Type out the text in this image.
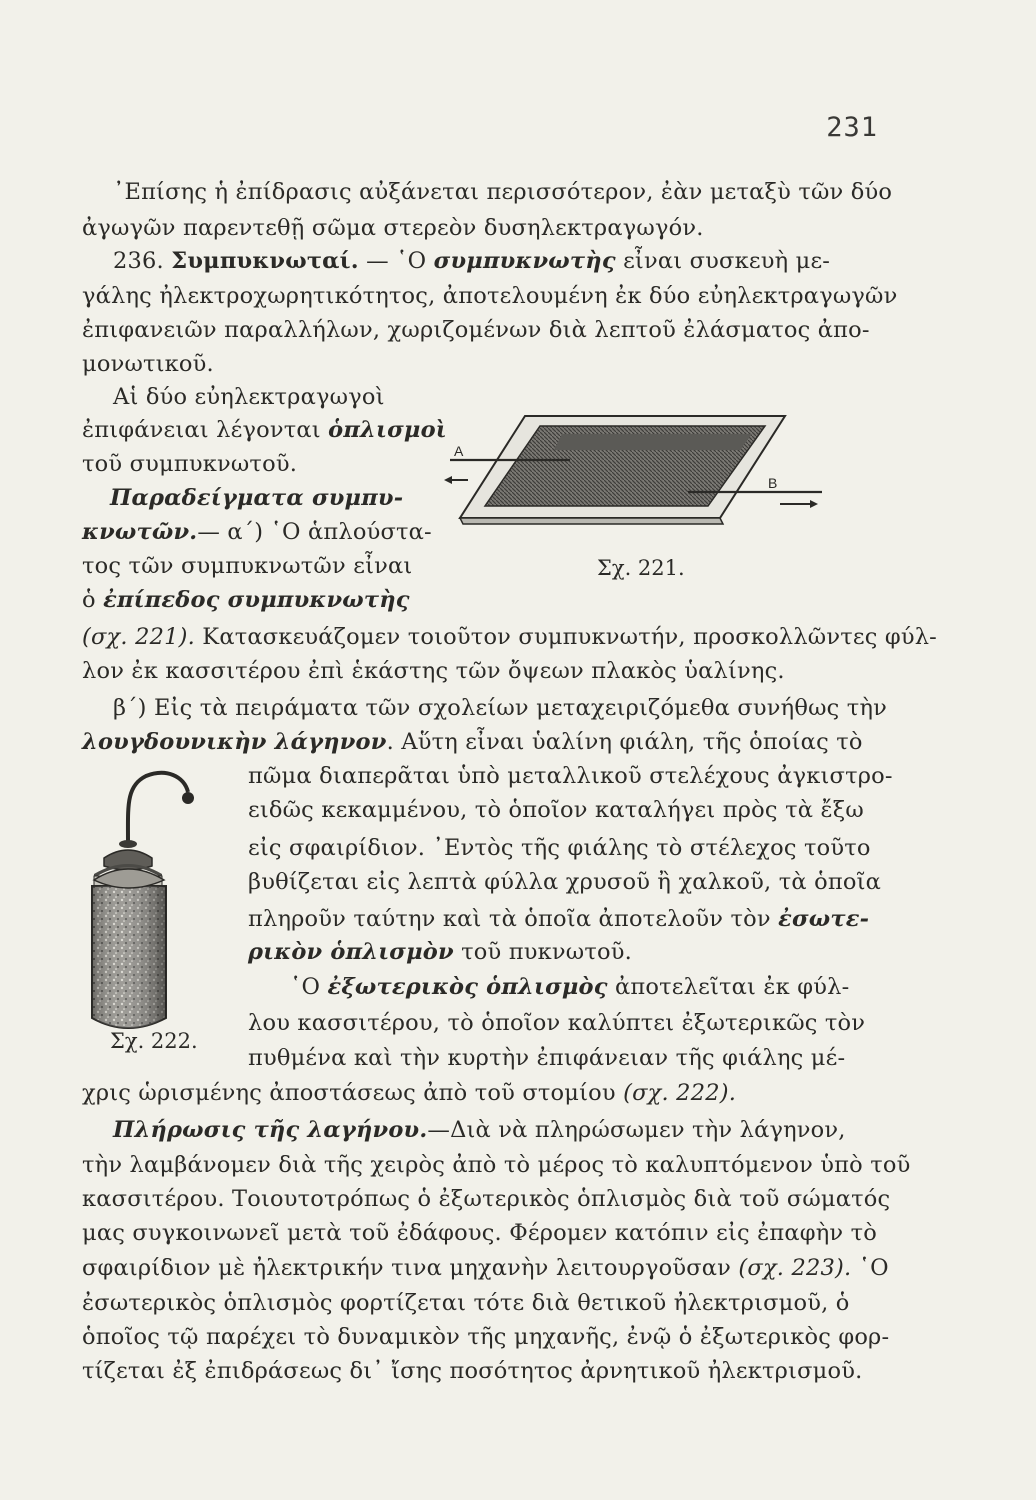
231
᾿Επίσης ἡ ἐπίδρασις αὐξάνεται περισσότερον, ἐὰν μεταξὺ τῶν δύο
ἀγωγῶν παρεντεθῇ σῶμα στερεὸν δυσηλεκτραγωγόν.
236. Συμπυκνωταί. — ῾Ο συμπυκνωτὴς εἶναι συσκευὴ με-
γάλης ἠλεκτροχωρητικότητος, ἀποτελουμένη ἐκ δύο εὐηλεκτραγωγῶν
ἐπιφανειῶν παραλλήλων, χωριζομένων διὰ λεπτοῦ ἐλάσματος ἀπο-
μονωτικοῦ.
Αἱ δύο εὐηλεκτραγωγοὶ
ἐπιφάνειαι λέγονται ὁπλισμοὶ
τοῦ συμπυκνωτοῦ.
Παραδείγματα συμπυ-
κνωτῶν.— α΄) ῾Ο ἁπλούστα-
τος τῶν συμπυκνωτῶν εἶναι
ὁ ἐπίπεδος συμπυκνωτὴς
(σχ. 221). Κατασκευάζομεν τοιοῦτον συμπυκνωτήν, προσκολλῶντες φύλ-
λον ἐκ κασσιτέρου ἐπὶ ἑκάστης τῶν ὄψεων πλακὸς ὑαλίνης.
β΄) Εἰς τὰ πειράματα τῶν σχολείων μεταχειριζόμεθα συνήθως τὴν
λουγδουνικὴν λάγηνον. Αὕτη εἶναι ὑαλίνη φιάλη, τῆς ὁποίας τὸ
πῶμα διαπερᾶται ὑπὸ μεταλλικοῦ στελέχους ἀγκιστρο-
ειδῶς κεκαμμένου, τὸ ὁποῖον καταλήγει πρὸς τὰ ἔξω
εἰς σφαιρίδιον. ᾿Εντὸς τῆς φιάλης τὸ στέλεχος τοῦτο
βυθίζεται εἰς λεπτὰ φύλλα χρυσοῦ ἢ χαλκοῦ, τὰ ὁποῖα
πληροῦν ταύτην καὶ τὰ ὁποῖα ἀποτελοῦν τὸν ἐσωτε-
ρικὸν ὁπλισμὸν τοῦ πυκνωτοῦ.
῾Ο ἐξωτερικὸς ὁπλισμὸς ἀποτελεῖται ἐκ φύλ-
λου κασσιτέρου, τὸ ὁποῖον καλύπτει ἐξωτερικῶς τὸν
πυθμένα καὶ τὴν κυρτὴν ἐπιφάνειαν τῆς φιάλης μέ-
χρις ὡρισμένης ἀποστάσεως ἀπὸ τοῦ στομίου (σχ. 222).
Πλήρωσις τῆς λαγήνου.—Διὰ νὰ πληρώσωμεν τὴν λάγηνον,
τὴν λαμβάνομεν διὰ τῆς χειρὸς ἀπὸ τὸ μέρος τὸ καλυπτόμενον ὑπὸ τοῦ
κασσιτέρου. Τοιουτοτρόπως ὁ ἐξωτερικὸς ὁπλισμὸς διὰ τοῦ σώματός
μας συγκοινωνεῖ μετὰ τοῦ ἐδάφους. Φέρομεν κατόπιν εἰς ἐπαφὴν τὸ
σφαιρίδιον μὲ ἠλεκτρικήν τινα μηχανὴν λειτουργοῦσαν (σχ. 223). ῾Ο
ἐσωτερικὸς ὁπλισμὸς φορτίζεται τότε διὰ θετικοῦ ἠλεκτρισμοῦ, ὁ
ὁποῖος τῷ παρέχει τὸ δυναμικὸν τῆς μηχανῆς, ἐνῷ ὁ ἐξωτερικὸς φορ-
τίζεται ἐξ ἐπιδράσεως δι᾿ ἴσης ποσότητος ἀρνητικοῦ ἠλεκτρισμοῦ.
A
B
Σχ. 221.
Σχ. 222.
